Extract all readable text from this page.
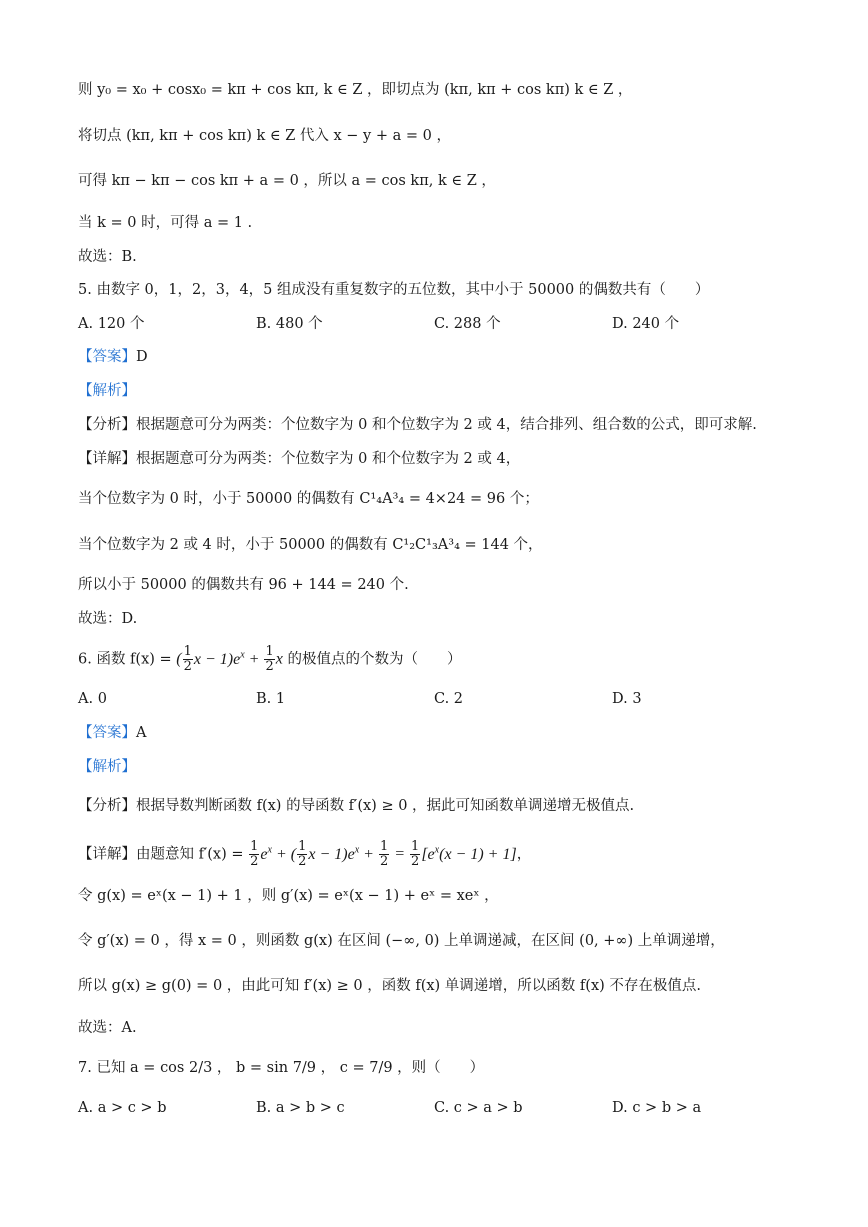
则 y₀ = x₀ + cosx₀ = kπ + cos kπ, k ∈ Z ，即切点为 (kπ, kπ + cos kπ) k ∈ Z ，
将切点 (kπ, kπ + cos kπ) k ∈ Z 代入 x − y + a = 0 ，
可得 kπ − kπ − cos kπ + a = 0 ，所以 a = cos kπ, k ∈ Z ，
当 k = 0 时，可得 a = 1 .
故选：B.
5. 由数字 0，1，2，3，4，5 组成没有重复数字的五位数，其中小于 50000 的偶数共有（　　）
A. 120 个	B. 480 个	C. 288 个	D. 240 个
【答案】D
【解析】
【分析】根据题意可分为两类：个位数字为 0 和个位数字为 2 或 4，结合排列、组合数的公式，即可求解.
【详解】根据题意可分为两类：个位数字为 0 和个位数字为 2 或 4，
当个位数字为 0 时，小于 50000 的偶数有 C¹₄A³₄ = 4×24 = 96 个；
当个位数字为 2 或 4 时，小于 50000 的偶数有 C¹₂C¹₃A³₄ = 144 个，
所以小于 50000 的偶数共有 96 + 144 = 240 个.
故选：D.
6. 函数 f(x) = ( $\frac{1}{2}$ $x - 1)e^x + \frac{1}{2}$ x 的极值点的个数为（　　）
A. 0	B. 1	C. 2	D. 3
【答案】A
【解析】
【分析】根据导数判断函数 f(x) 的导函数 f′(x) ≥ 0 ，据此可知函数单调递增无极值点.
【详解】由题意知 $f'(x) = \frac{1}{2} e^x$ + ( $\frac{1}{2}$ $x - 1)e^x + \frac{1}{2} = \frac{1}{2} [e^x(x - 1) + 1]$，
令 g(x) = eˣ(x − 1) + 1 ，则 g′(x) = eˣ(x − 1) + eˣ = xeˣ ，
令 g′(x) = 0 ，得 x = 0 ，则函数 g(x) 在区间 (−∞, 0) 上单调递减，在区间 (0, +∞) 上单调递增，
所以 g(x) ≥ g(0) = 0 ，由此可知 f′(x) ≥ 0 ，函数 f(x) 单调递增，所以函数 f(x) 不存在极值点.
故选：A.
7. 已知 a = cos 2/3 ， b = sin 7/9 ， c = 7/9 ，则（　　）
A. a > c > b	B. a > b > c	C. c > a > b	D. c > b > a
